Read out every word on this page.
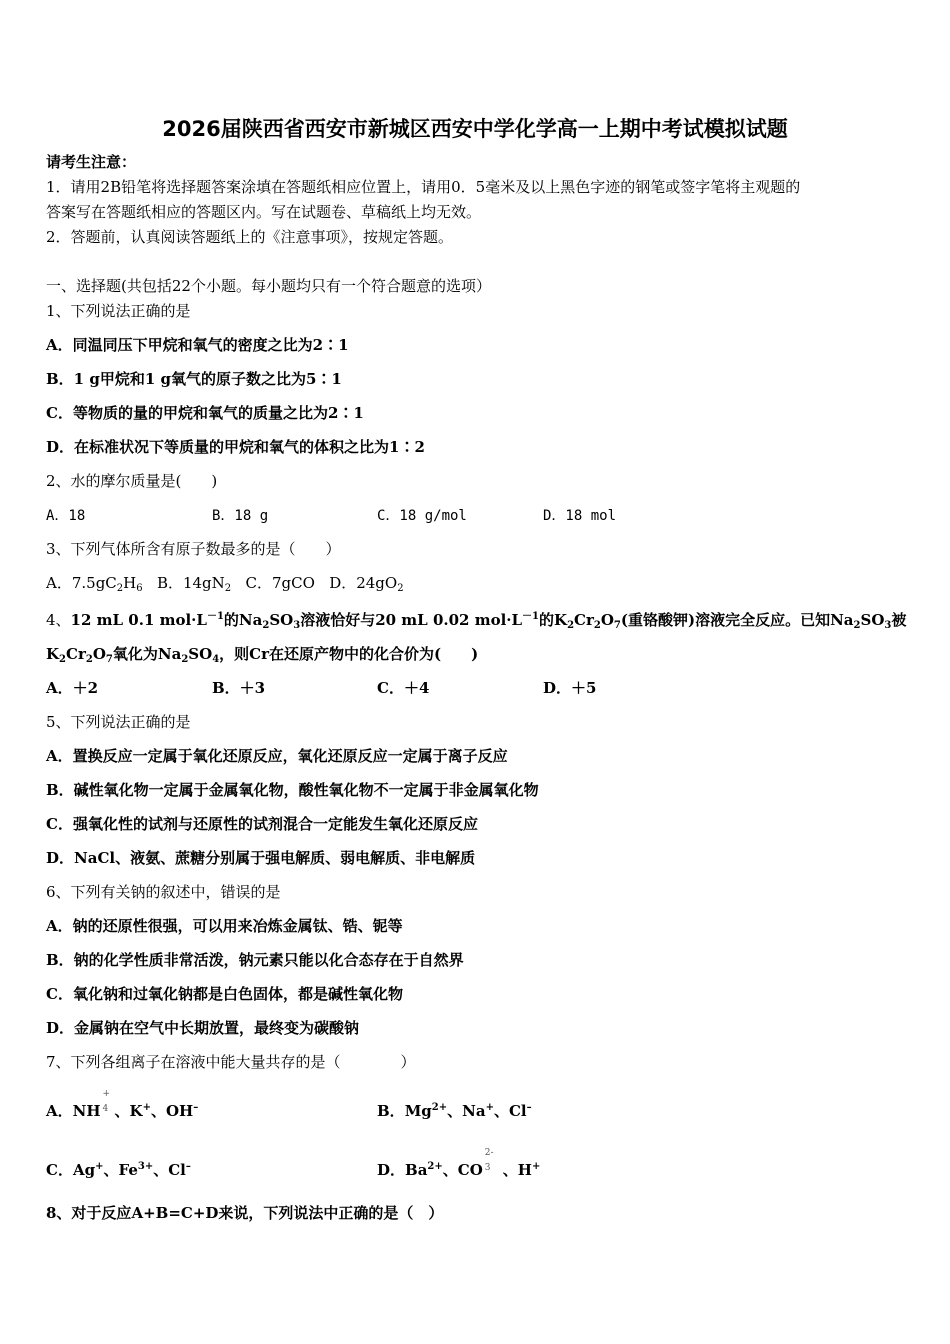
2026届陕西省西安市新城区西安中学化学高一上期中考试模拟试题
请考生注意：
1．请用2B铅笔将选择题答案涂填在答题纸相应位置上，请用0．5毫米及以上黑色字迹的钢笔或签字笔将主观题的
答案写在答题纸相应的答题区内。写在试题卷、草稿纸上均无效。
2．答题前，认真阅读答题纸上的《注意事项》，按规定答题。
一、选择题(共包括22个小题。每小题均只有一个符合题意的选项）
1、下列说法正确的是
A．同温同压下甲烷和氧气的密度之比为2∶1
B．1 g甲烷和1 g氧气的原子数之比为5∶1
C．等物质的量的甲烷和氧气的质量之比为2∶1
D．在标准状况下等质量的甲烷和氧气的体积之比为1∶2
2、水的摩尔质量是(　　)
A．18	B．18 g	C．18 g/mol	D．18 mol
3、下列气体所含有原子数最多的是（　　）
A．$7.5gC_2H_6$ B．$14gN_2$ C．7gCO D．$24gO_2$
4、12 mL 0.1 $mol\cdot L^{-1}$的$Na_2SO_3$溶液恰好与20 mL 0.02 $mol\cdot L^{-1}$的$K_2Cr_2O_7$(重铬酸钾)溶液完全反应。已知$Na_2SO_3$被
$K_2Cr_2O_7$氧化为$Na_2SO_4$，则Cr在还原产物中的化合价为(　　)
A．＋2	B．＋3	C．＋4	D．＋5
5、下列说法正确的是
A．置换反应一定属于氧化还原反应，氧化还原反应一定属于离子反应
B．碱性氧化物一定属于金属氧化物，酸性氧化物不一定属于非金属氧化物
C．强氧化性的试剂与还原性的试剂混合一定能发生氧化还原反应
D．NaCl、液氨、蔗糖分别属于强电解质、弱电解质、非电解质
6、下列有关钠的叙述中，错误的是
A．钠的还原性很强，可以用来冶炼金属钛、锆、铌等
B．钠的化学性质非常活泼，钠元素只能以化合态存在于自然界
C．氧化钠和过氧化钠都是白色固体，都是碱性氧化物
D．金属钠在空气中长期放置，最终变为碳酸钠
7、下列各组离子在溶液中能大量共存的是（　　　　）
A．NH
+
4 、K+、OH–	B．$Mg^{2+}$、Na+、Cl–
C．Ag+、$Fe^{3+}$、Cl–	D．$Ba^{2+}$、CO
2-
3 、H+
8、对于反应A+B=C+D来说，下列说法中正确的是（　）
